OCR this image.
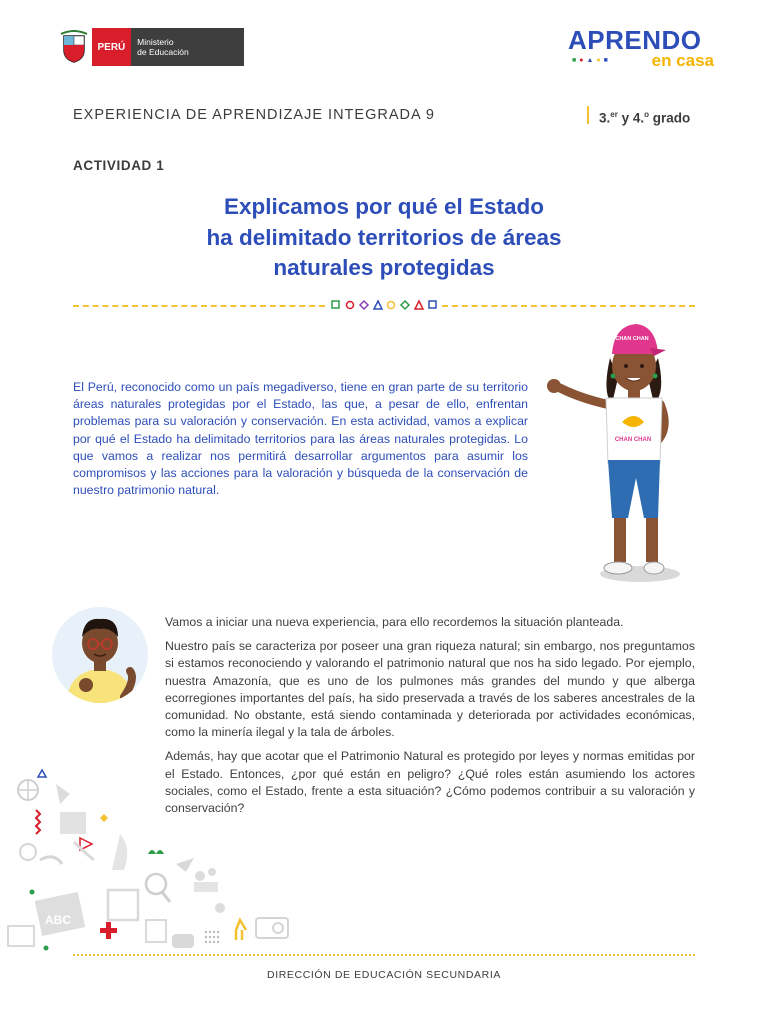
PERÚ	Ministerio
de Educación	APRENDO
■●▲●■ en casa
EXPERIENCIA DE APRENDIZAJE INTEGRADA 9	3.$^{er}$ y 4.$^o$ grado
ACTIVIDAD 1
Explicamos por qué el Estado
ha delimitado territorios de áreas
naturales protegidas
El Perú, reconocido como un país megadiverso, tiene en gran parte de su territorio áreas naturales protegidas por el Estado, las que, a pesar de ello, enfrentan problemas para su valoración y conservación. En esta actividad, vamos a explicar por qué el Estado ha delimitado territorios para las áreas naturales protegidas. Lo que vamos a realizar nos permitirá desarrollar argumentos para asumir los compromisos y las acciones para la valoración y búsqueda de la conservación de nuestro patrimonio natural.
CHAN CHAN
CHAN CHAN

Vamos a iniciar una nueva experiencia, para ello recordemos la situación planteada.

Nuestro país se caracteriza por poseer una gran riqueza natural; sin embargo, nos preguntamos si estamos reconociendo y valorando el patrimonio natural que nos ha sido legado. Por ejemplo, nuestra Amazonía, que es uno de los pulmones más grandes del mundo y que alberga ecorregiones importantes del país, ha sido preservada a través de los saberes ancestrales de la comunidad. No obstante, está siendo contaminada y deteriorada por actividades económicas, como la minería ilegal y la tala de árboles.

Además, hay que acotar que el Patrimonio Natural es protegido por leyes y normas emitidas por el Estado. Entonces, ¿por qué están en peligro? ¿Qué roles están asumiendo los actores sociales, como el Estado, frente a esta situación? ¿Cómo podemos contribuir a su valoración y conservación?

ABC
DIRECCIÓN DE EDUCACIÓN SECUNDARIA
